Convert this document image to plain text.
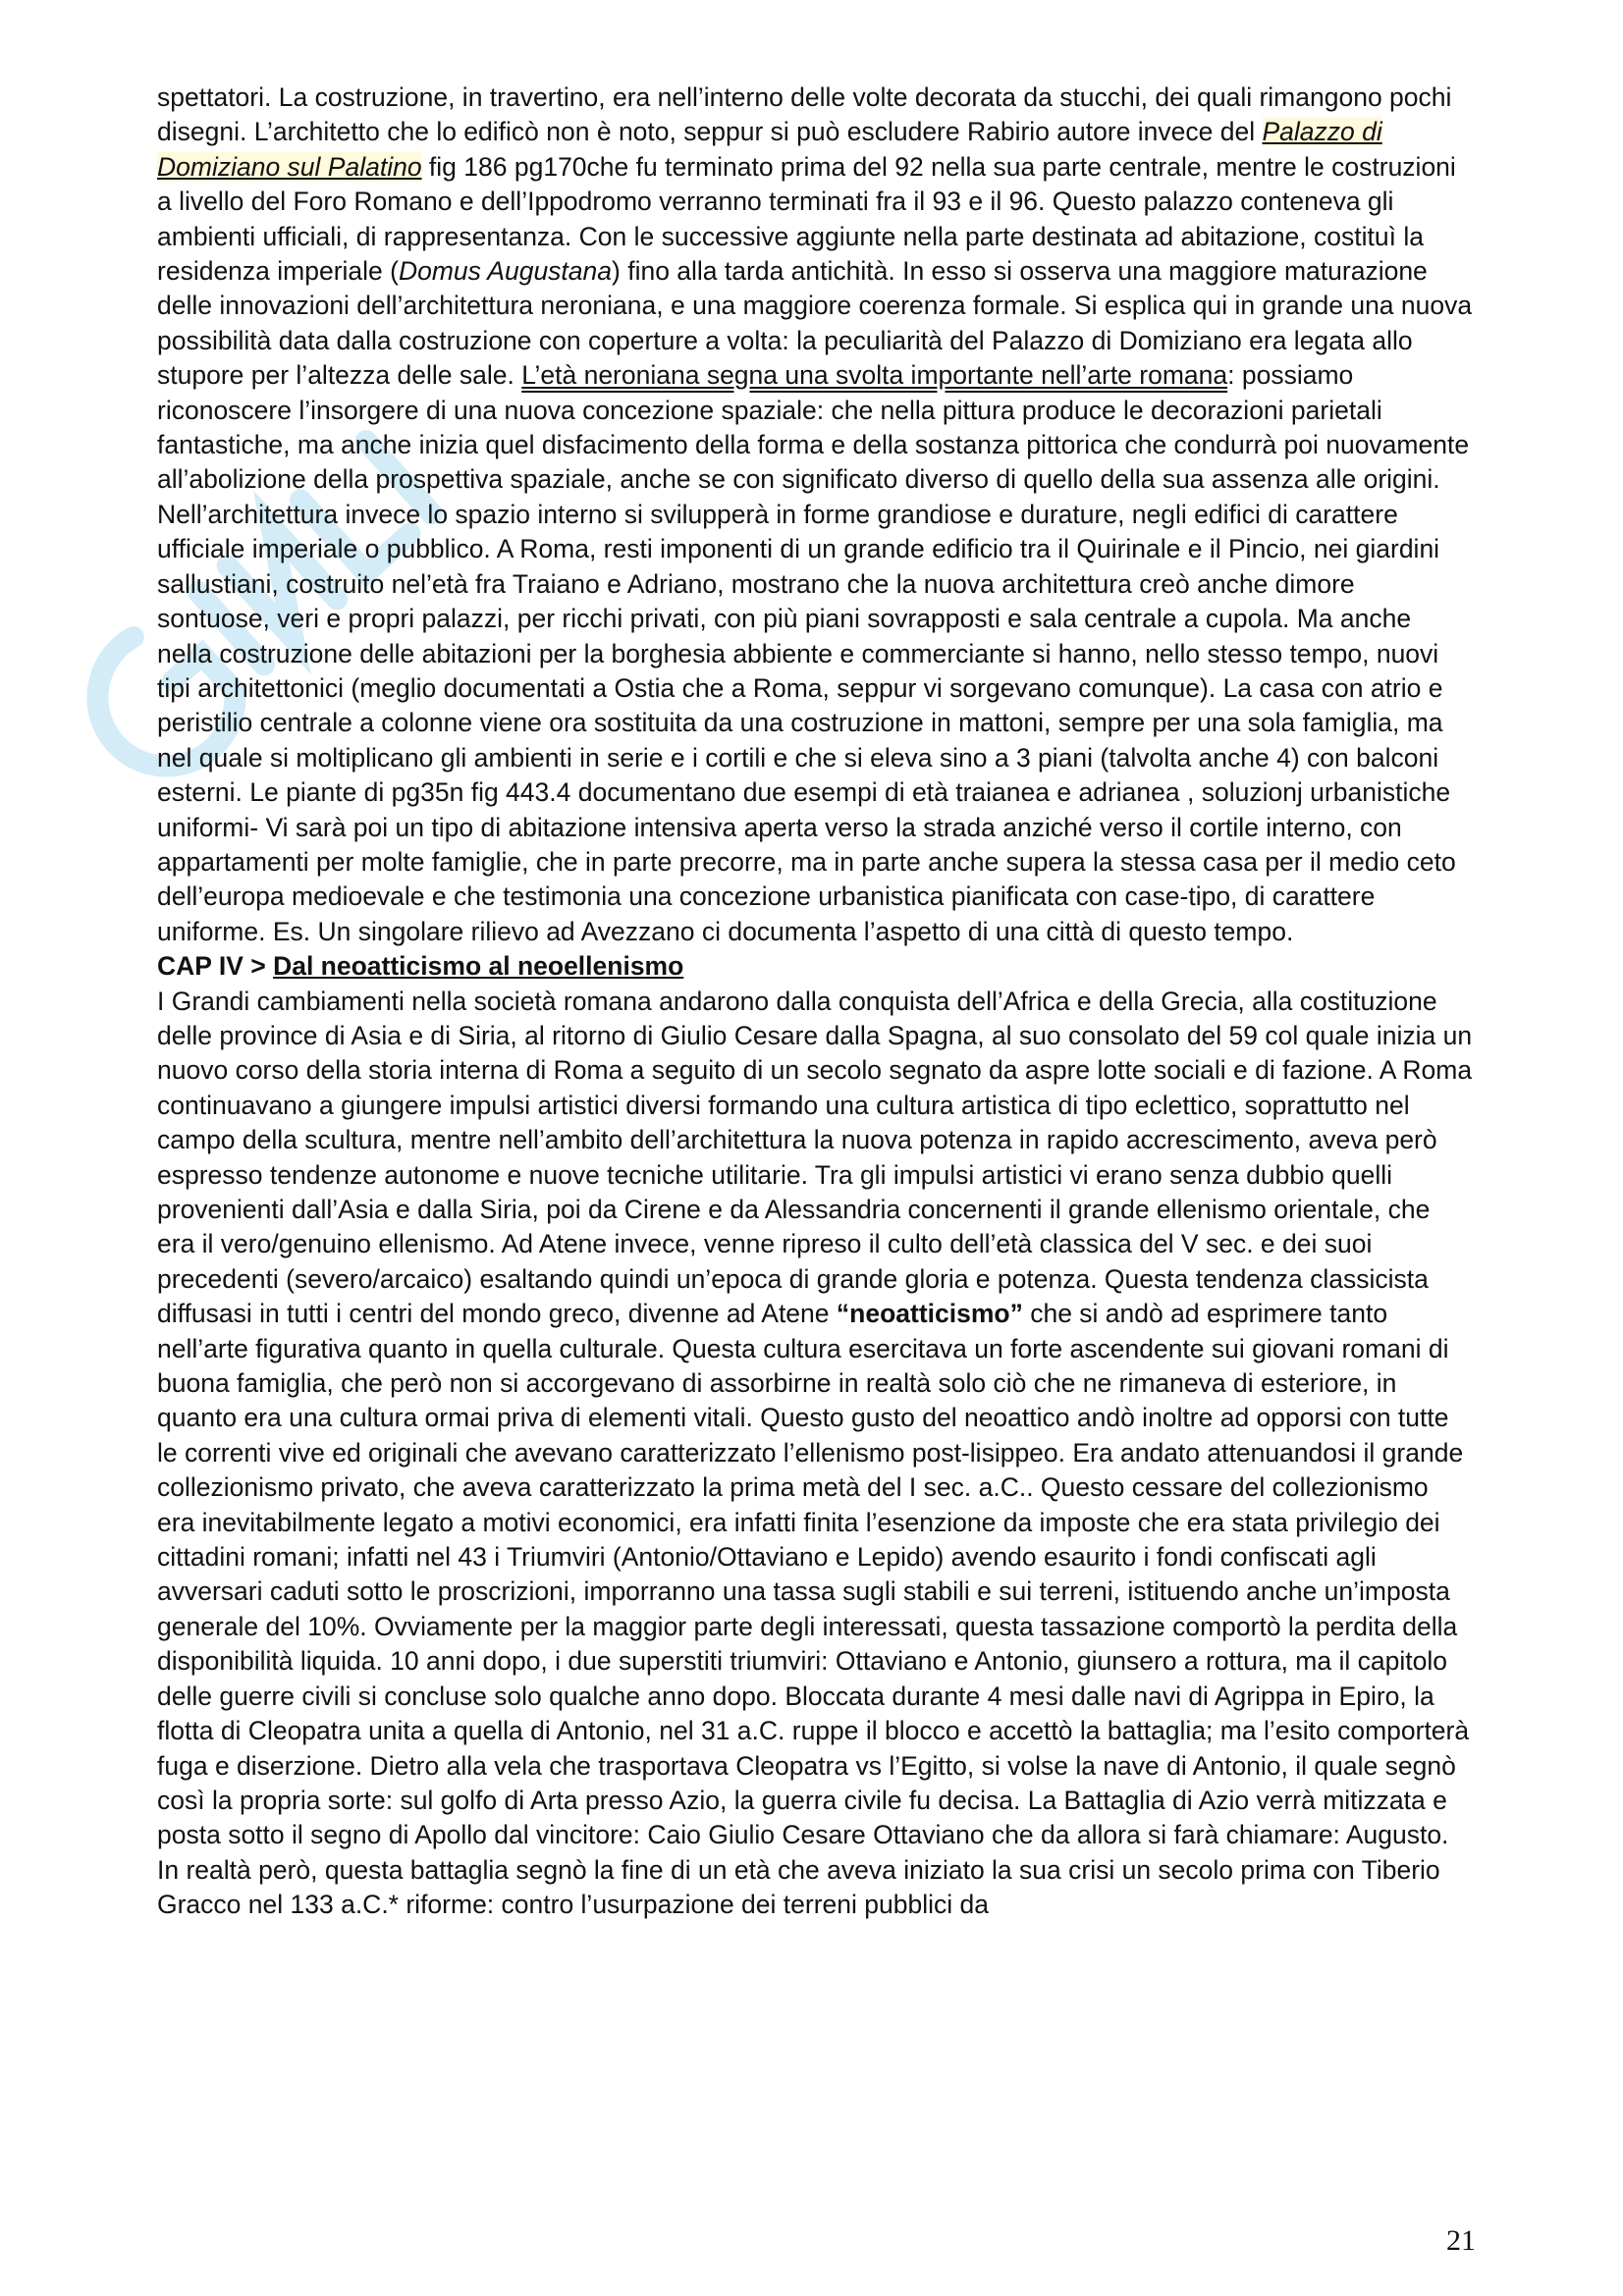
spettatori. La costruzione, in travertino, era nell’interno delle volte decorata da stucchi, dei quali rimangono pochi disegni. L’architetto che lo edificò non è noto, seppur si può escludere Rabirio autore invece del Palazzo di Domiziano sul Palatino fig 186 pg170che fu terminato prima del 92 nella sua parte centrale, mentre le costruzioni a livello del Foro Romano e dell’Ippodromo verranno terminati fra il 93 e il 96. Questo palazzo conteneva gli ambienti ufficiali, di rappresentanza. Con le successive aggiunte nella parte destinata ad abitazione, costituì la residenza imperiale (Domus Augustana) fino alla tarda antichità. In esso si osserva una maggiore maturazione delle innovazioni dell’architettura neroniana, e una maggiore coerenza formale. Si esplica qui in grande una nuova possibilità data dalla costruzione con coperture a volta: la peculiarità del Palazzo di Domiziano era legata allo stupore per l’altezza delle sale. L’età neroniana segna una svolta importante nell’arte romana: possiamo riconoscere l’insorgere di una nuova concezione spaziale: che nella pittura produce le decorazioni parietali fantastiche, ma anche inizia quel disfacimento della forma e della sostanza pittorica che condurrà poi nuovamente all’abolizione della prospettiva spaziale, anche se con significato diverso di quello della sua assenza alle origini. Nell’architettura invece lo spazio interno si svilupperà in forme grandiose e durature, negli edifici di carattere ufficiale imperiale o pubblico. A Roma, resti imponenti di un grande edificio tra il Quirinale e il Pincio, nei giardini sallustiani, costruito nel’età fra Traiano e Adriano, mostrano che la nuova architettura creò anche dimore sontuose, veri e propri palazzi, per ricchi privati, con più piani sovrapposti e sala centrale a cupola. Ma anche nella costruzione delle abitazioni per la borghesia abbiente e commerciante si hanno, nello stesso tempo, nuovi tipi architettonici (meglio documentati a Ostia che a Roma, seppur vi sorgevano comunque). La casa con atrio e peristilio centrale a colonne viene ora sostituita da una costruzione in mattoni, sempre per una sola famiglia, ma nel quale si moltiplicano gli ambienti in serie e i cortili e che si eleva sino a 3 piani (talvolta anche 4) con balconi esterni. Le piante di pg35n fig 443.4 documentano due esempi di età traianea e adrianea , soluzionj urbanistiche uniformi- Vi sarà poi un tipo di abitazione intensiva aperta verso la strada anziché verso il cortile interno, con appartamenti per molte famiglie, che in parte precorre, ma in parte anche supera la stessa casa per il medio ceto dell’europa medioevale e che testimonia una concezione urbanistica pianificata con case-tipo, di carattere uniforme. Es. Un singolare rilievo ad Avezzano ci documenta l’aspetto di una città di questo tempo.

CAP IV > Dal neoatticismo al neoellenismo

I Grandi cambiamenti nella società romana andarono dalla conquista dell’Africa e della Grecia, alla costituzione delle province di Asia e di Siria, al ritorno di Giulio Cesare dalla Spagna, al suo consolato del 59 col quale inizia un nuovo corso della storia interna di Roma a seguito di un secolo segnato da aspre lotte sociali e di fazione. A Roma continuavano a giungere impulsi artistici diversi formando una cultura artistica di tipo eclettico, soprattutto nel campo della scultura, mentre nell’ambito dell’architettura la nuova potenza in rapido accrescimento, aveva però espresso tendenze autonome e nuove tecniche utilitarie. Tra gli impulsi artistici vi erano senza dubbio quelli provenienti dall’Asia e dalla Siria, poi da Cirene e da Alessandria concernenti il grande ellenismo orientale, che era il vero/genuino ellenismo. Ad Atene invece, venne ripreso il culto dell’età classica del V sec. e dei suoi precedenti (severo/arcaico) esaltando quindi un’epoca di grande gloria e potenza. Questa tendenza classicista diffusasi in tutti i centri del mondo greco, divenne ad Atene “neoatticismo” che si andò ad esprimere tanto nell’arte figurativa quanto in quella culturale. Questa cultura esercitava un forte ascendente sui giovani romani di buona famiglia, che però non si accorgevano di assorbirne in realtà solo ciò che ne rimaneva di esteriore, in quanto era una cultura ormai priva di elementi vitali. Questo gusto del neoattico andò inoltre ad opporsi con tutte le correnti vive ed originali che avevano caratterizzato l’ellenismo post-lisippeo. Era andato attenuandosi il grande collezionismo privato, che aveva caratterizzato la prima metà del I sec. a.C.. Questo cessare del collezionismo era inevitabilmente legato a motivi economici, era infatti finita l’esenzione da imposte che era stata privilegio dei cittadini romani; infatti nel 43 i Triumviri (Antonio/Ottaviano e Lepido) avendo esaurito i fondi confiscati agli avversari caduti sotto le proscrizioni, imporranno una tassa sugli stabili e sui terreni, istituendo anche un’imposta generale del 10%. Ovviamente per la maggior parte degli interessati, questa tassazione comportò la perdita della disponibilità liquida. 10 anni dopo, i due superstiti triumviri: Ottaviano e Antonio, giunsero a rottura, ma il capitolo delle guerre civili si concluse solo qualche anno dopo. Bloccata durante 4 mesi dalle navi di Agrippa in Epiro, la flotta di Cleopatra unita a quella di Antonio, nel 31 a.C. ruppe il blocco e accettò la battaglia; ma l’esito comporterà fuga e diserzione. Dietro alla vela che trasportava Cleopatra vs l’Egitto, si volse la nave di Antonio, il quale segnò così la propria sorte: sul golfo di Arta presso Azio, la guerra civile fu decisa. La Battaglia di Azio verrà mitizzata e posta sotto il segno di Apollo dal vincitore: Caio Giulio Cesare Ottaviano che da allora si farà chiamare: Augusto. In realtà però, questa battaglia segnò la fine di un età che aveva iniziato la sua crisi un secolo prima con Tiberio Gracco nel 133 a.C.* riforme: contro l’usurpazione dei terreni pubblici da

21
